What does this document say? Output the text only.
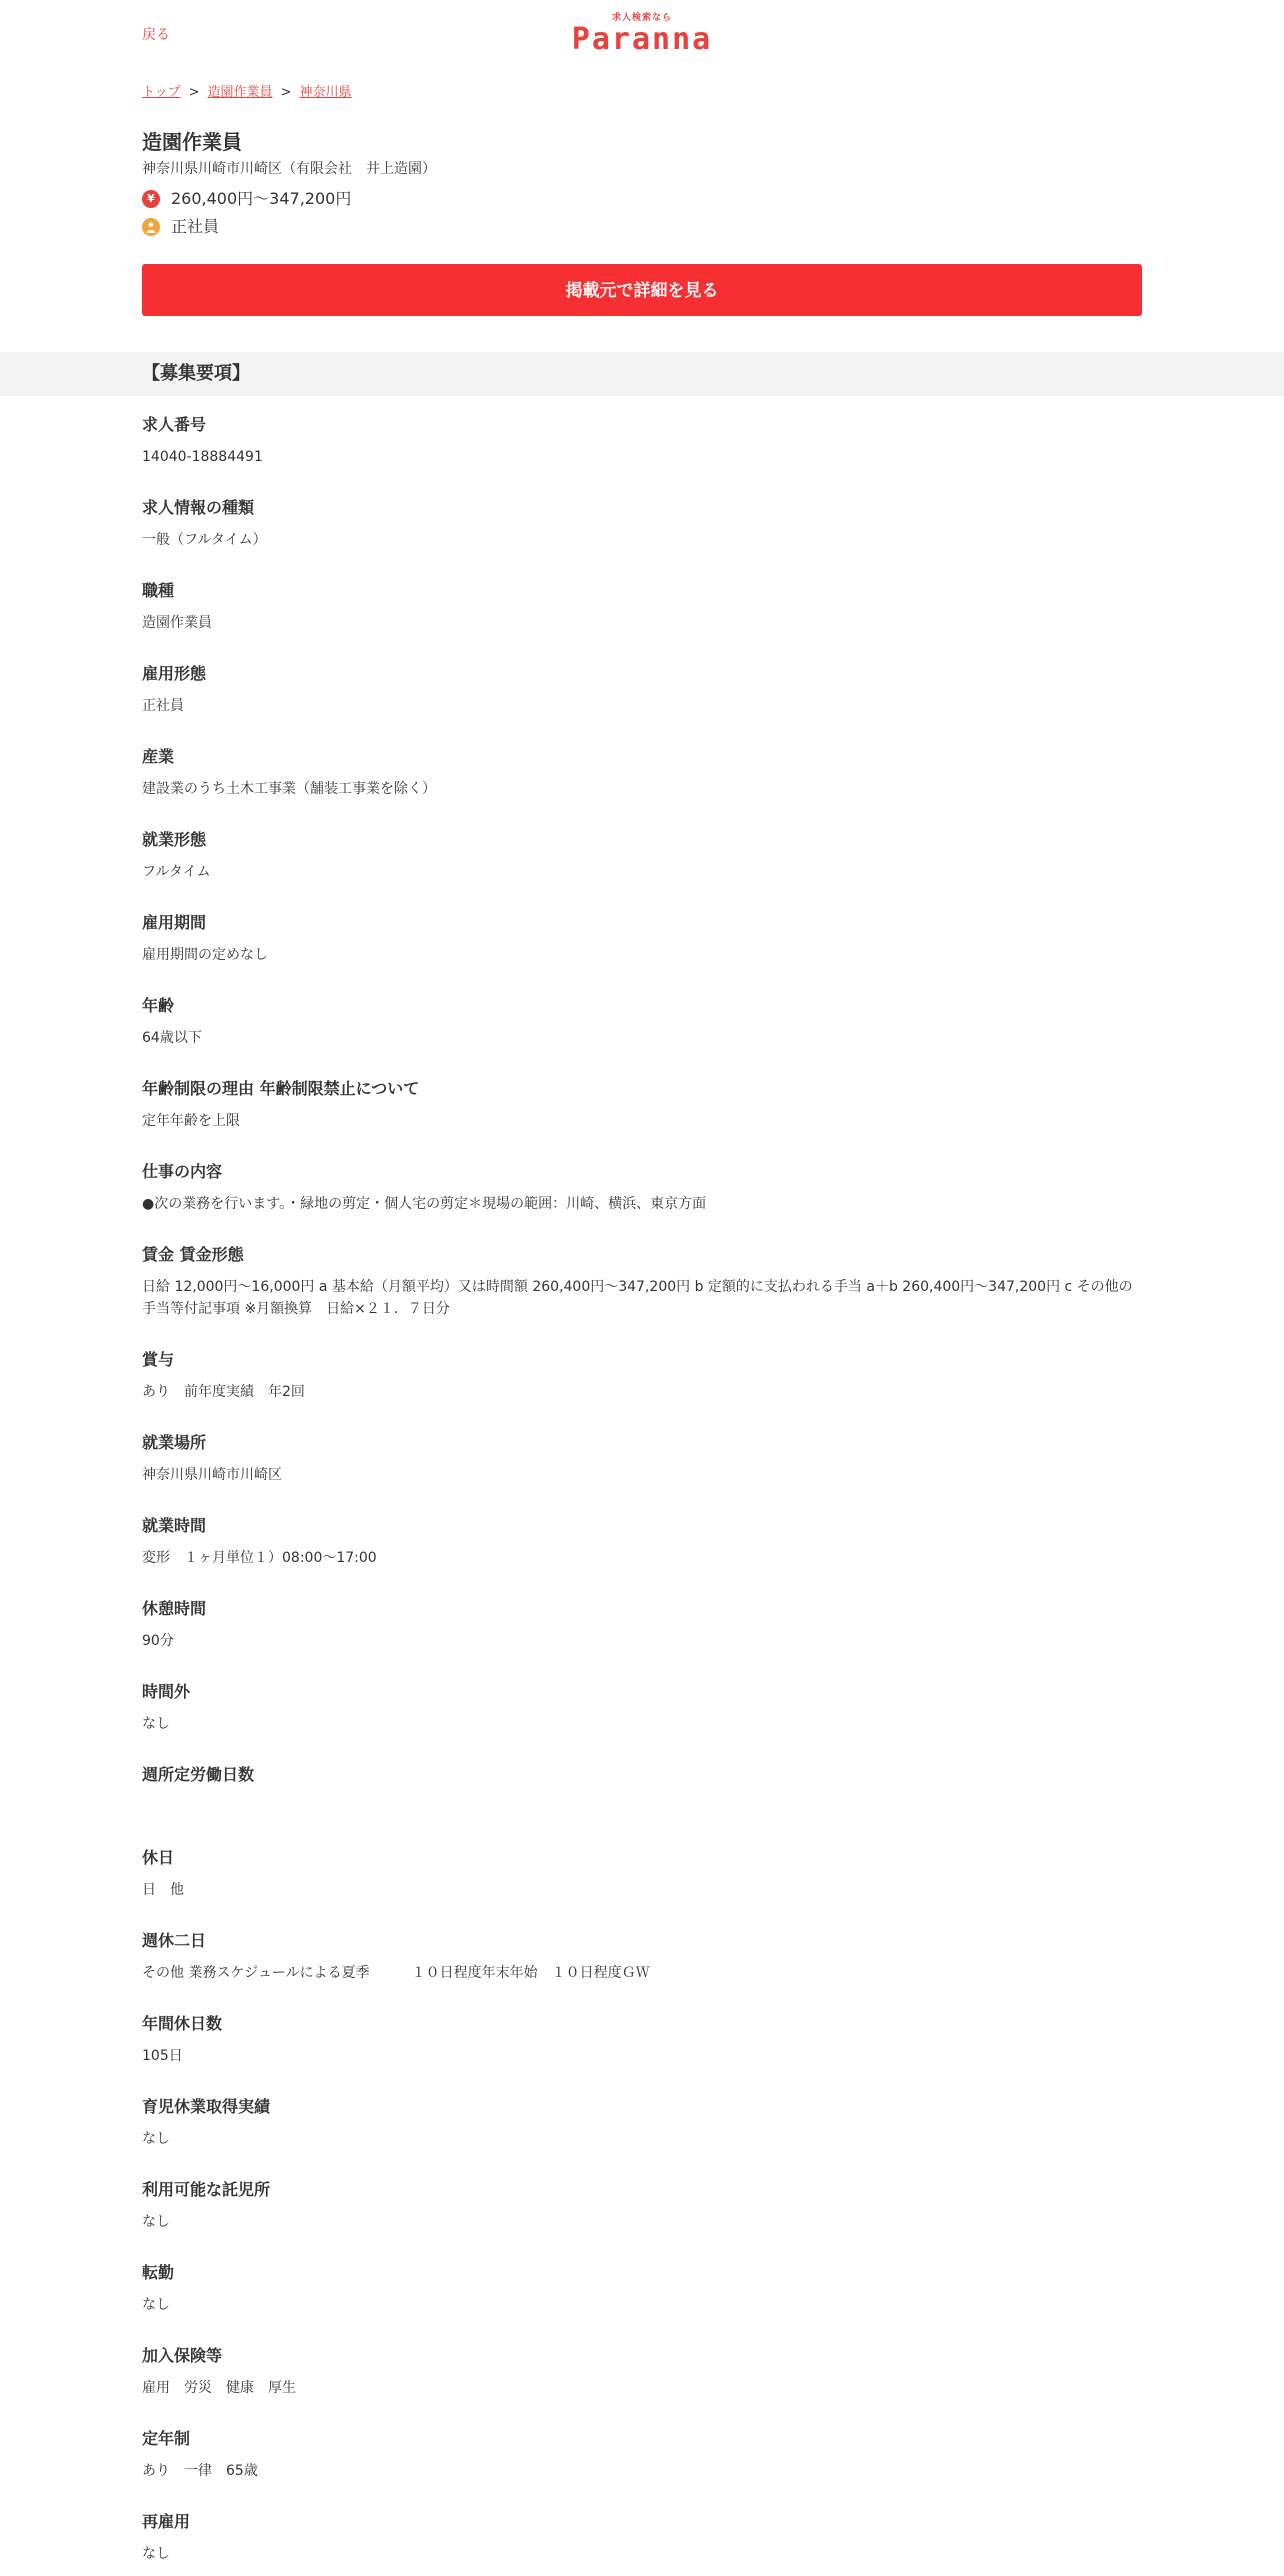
戻る
求人検索なら
Paranna
トップ > 造園作業員 > 神奈川県
造園作業員
神奈川県川崎市川崎区（有限会社　井上造園）
¥	260,400円～347,200円
正社員
掲載元で詳細を見る
【募集要項】
求人番号
14040-18884491
求人情報の種類
一般（フルタイム）
職種
造園作業員
雇用形態
正社員
産業
建設業のうち土木工事業（舗装工事業を除く）
就業形態
フルタイム
雇用期間
雇用期間の定めなし
年齢
64歳以下
年齢制限の理由 年齢制限禁止について
定年年齢を上限
仕事の内容
●次の業務を行います。・緑地の剪定・個人宅の剪定＊現場の範囲：川崎、横浜、東京方面
賃金 賃金形態
日給 12,000円～16,000円 a 基本給（月額平均）又は時間額 260,400円～347,200円 b 定額的に支払われる手当 a＋b 260,400円～347,200円 c その他の手当等付記事項 ※月額換算　日給×２１．７日分
賞与
あり　前年度実績　年2回
就業場所
神奈川県川崎市川崎区
就業時間
変形　１ヶ月単位１）08:00～17:00
休憩時間
90分
時間外
なし
週所定労働日数
休日
日　他
週休二日
その他 業務スケジュールによる夏季　　　１０日程度年末年始　１０日程度ＧＷ
年間休日数
105日
育児休業取得実績
なし
利用可能な託児所
なし
転勤
なし
加入保険等
雇用　労災　健康　厚生
定年制
あり　一律　65歳
再雇用
なし
